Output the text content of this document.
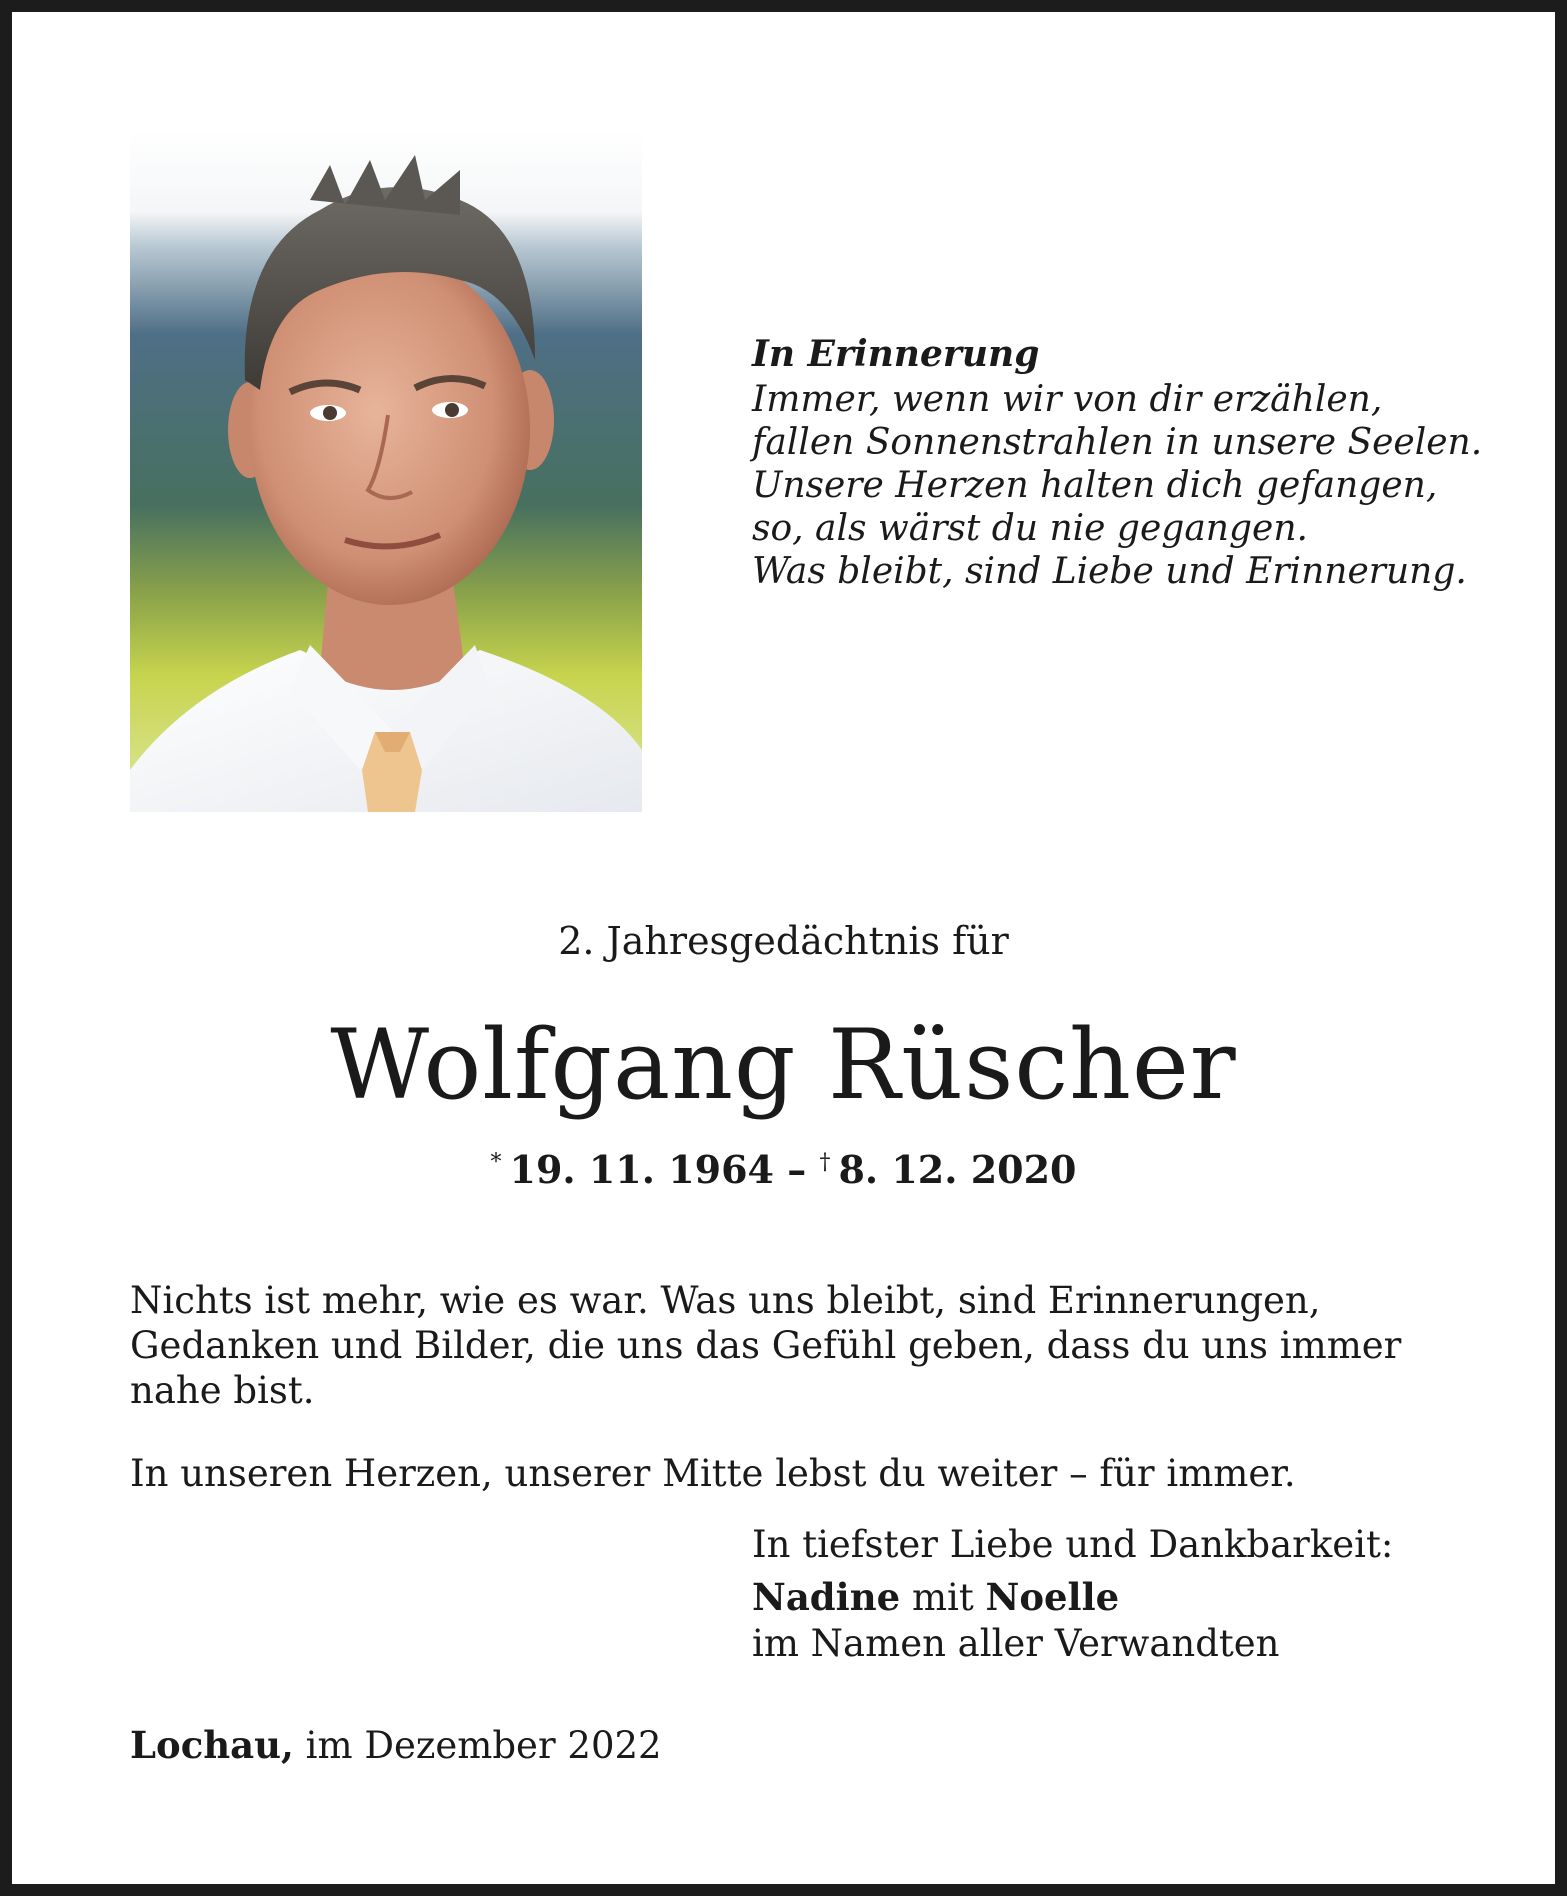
In Erinnerung
Immer, wenn wir von dir erzählen,
fallen Sonnenstrahlen in unsere Seelen.
Unsere Herzen halten dich gefangen,
so, als wärst du nie gegangen.
Was bleibt, sind Liebe und Erinnerung.
2. Jahresgedächtnis für
Wolfgang Rüscher
* 19. 11. 1964 – † 8. 12. 2020

Nichts ist mehr, wie es war. Was uns bleibt, sind Erinnerungen, Gedanken und Bilder, die uns das Gefühl geben, dass du uns immer nahe bist.

In unseren Herzen, unserer Mitte lebst du weiter – für immer.

In tiefster Liebe und Dankbarkeit:
Nadine mit Noelle
im Namen aller Verwandten
Lochau, im Dezember 2022
